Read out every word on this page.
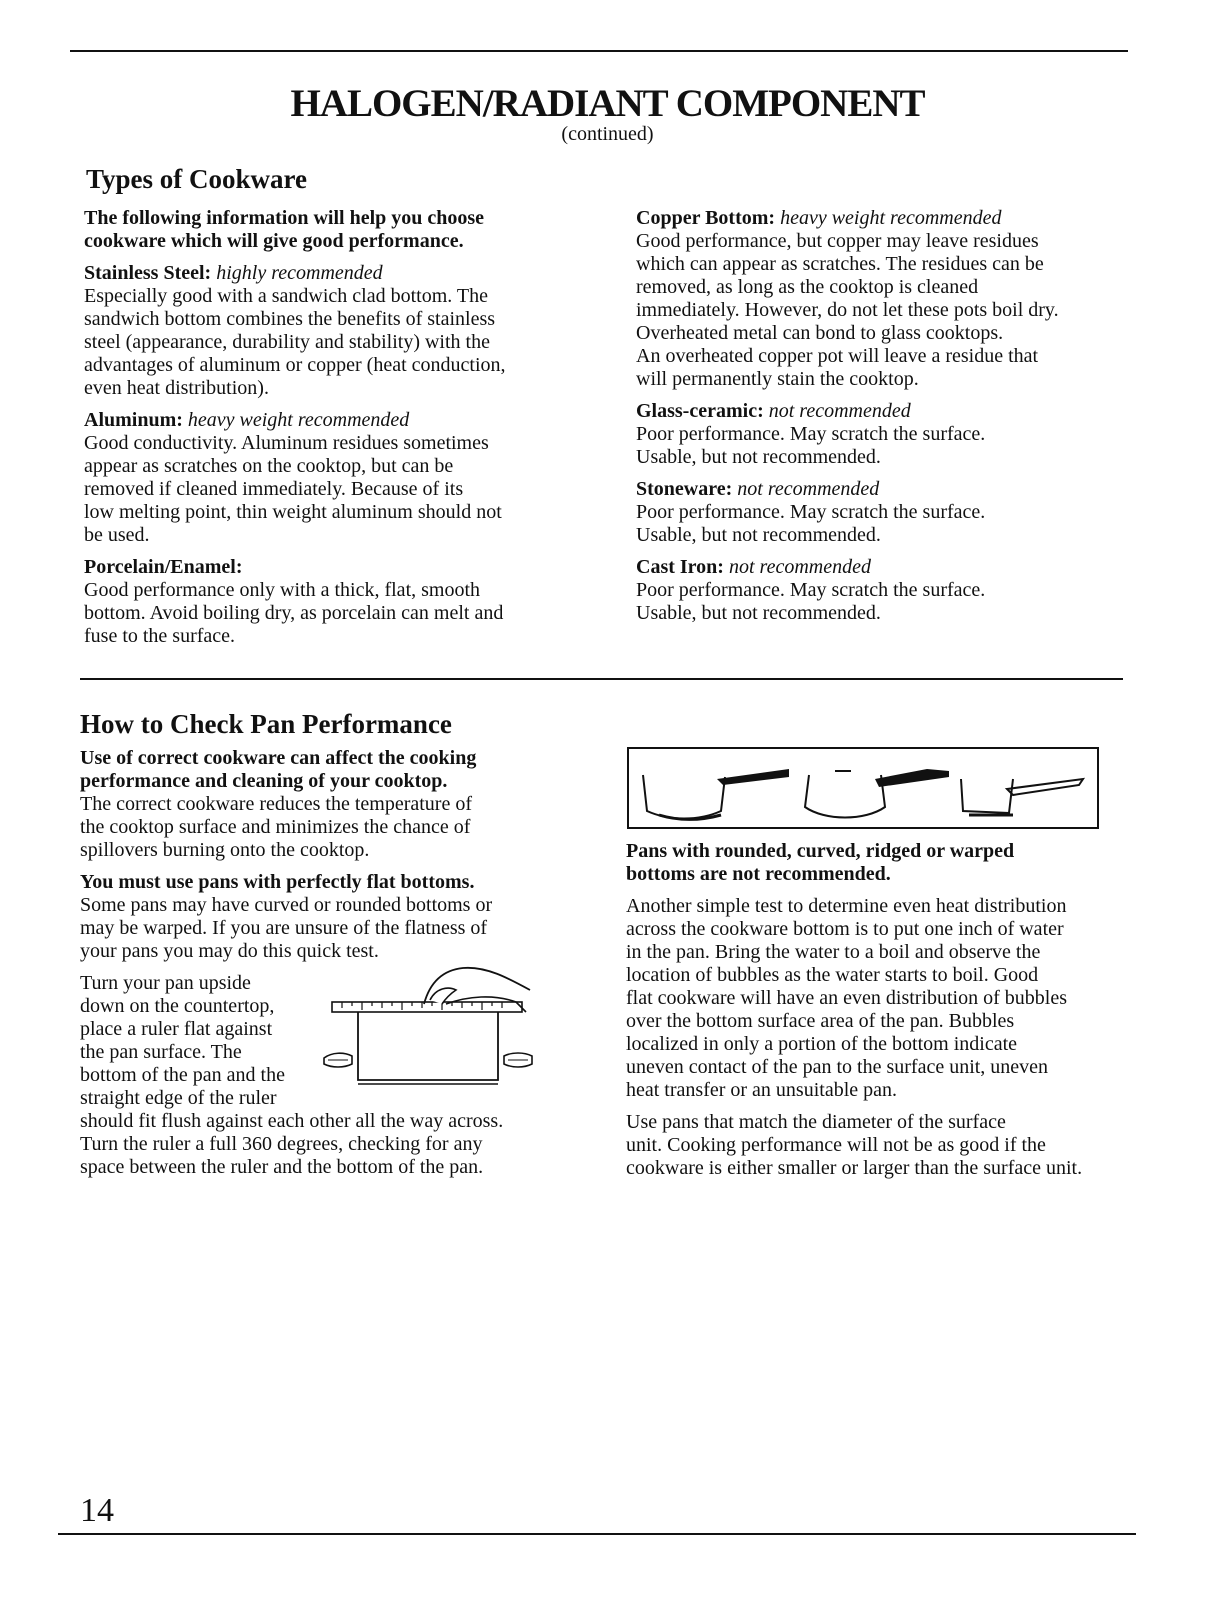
HALOGEN/RADIANT COMPONENT
(continued)
Types of Cookware

The following information will help you choose cookware which will give good performance.

Stainless Steel: highly recommended
Especially good with a sandwich clad bottom. The
sandwich bottom combines the benefits of stainless
steel (appearance, durability and stability) with the
advantages of aluminum or copper (heat conduction,
even heat distribution).

Aluminum: heavy weight recommended
Good conductivity. Aluminum residues sometimes
appear as scratches on the cooktop, but can be
removed if cleaned immediately. Because of its
low melting point, thin weight aluminum should not
be used.

Porcelain/Enamel:
Good performance only with a thick, flat, smooth
bottom. Avoid boiling dry, as porcelain can melt and
fuse to the surface.

Copper Bottom: heavy weight recommended
Good performance, but copper may leave residues
which can appear as scratches. The residues can be
removed, as long as the cooktop is cleaned
immediately. However, do not let these pots boil dry.
Overheated metal can bond to glass cooktops.
An overheated copper pot will leave a residue that
will permanently stain the cooktop.

Glass-ceramic: not recommended
Poor performance. May scratch the surface.
Usable, but not recommended.

Stoneware: not recommended
Poor performance. May scratch the surface.
Usable, but not recommended.

Cast Iron: not recommended
Poor performance. May scratch the surface.
Usable, but not recommended.

How to Check Pan Performance

Use of correct cookware can affect the cooking
performance and cleaning of your cooktop.
The correct cookware reduces the temperature of
the cooktop surface and minimizes the chance of
spillovers burning onto the cooktop.

You must use pans with perfectly flat bottoms.
Some pans may have curved or rounded bottoms or
may be warped. If you are unsure of the flatness of
your pans you may do this quick test.

Turn your pan upside
down on the countertop,
place a ruler flat against
the pan surface. The
bottom of the pan and the
straight edge of the ruler
should fit flush against each other all the way across.
Turn the ruler a full 360 degrees, checking for any
space between the ruler and the bottom of the pan.

Pans with rounded, curved, ridged or warped
bottoms are not recommended.

Another simple test to determine even heat distribution
across the cookware bottom is to put one inch of water
in the pan. Bring the water to a boil and observe the
location of bubbles as the water starts to boil. Good
flat cookware will have an even distribution of bubbles
over the bottom surface area of the pan. Bubbles
localized in only a portion of the bottom indicate
uneven contact of the pan to the surface unit, uneven
heat transfer or an unsuitable pan.

Use pans that match the diameter of the surface
unit. Cooking performance will not be as good if the
cookware is either smaller or larger than the surface unit.

14
